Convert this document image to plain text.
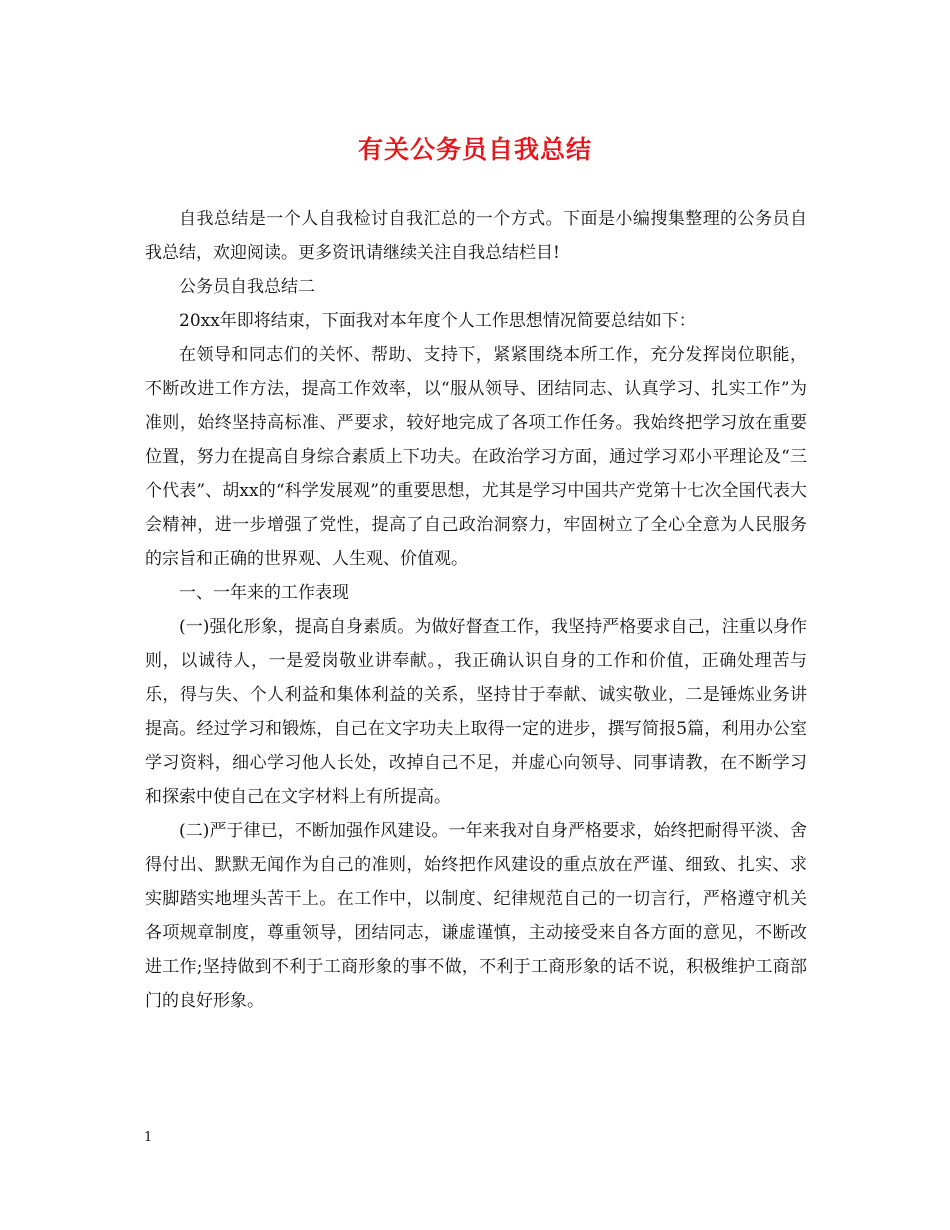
有关公务员自我总结

自我总结是一个人自我检讨自我汇总的一个方式。下面是小编搜集整理的公务员自我总结，欢迎阅读。更多资讯请继续关注自我总结栏目!

公务员自我总结二

20xx年即将结束，下面我对本年度个人工作思想情况简要总结如下：

在领导和同志们的关怀、帮助、支持下，紧紧围绕本所工作，充分发挥岗位职能，不断改进工作方法，提高工作效率，以“服从领导、团结同志、认真学习、扎实工作”为准则，始终坚持高标准、严要求，较好地完成了各项工作任务。我始终把学习放在重要位置，努力在提高自身综合素质上下功夫。在政治学习方面，通过学习邓小平理论及“三个代表”、胡xx的“科学发展观”的重要思想，尤其是学习中国共产党第十七次全国代表大会精神，进一步增强了党性，提高了自己政治洞察力，牢固树立了全心全意为人民服务的宗旨和正确的世界观、人生观、价值观。

一、一年来的工作表现

(一)强化形象，提高自身素质。为做好督查工作，我坚持严格要求自己，注重以身作则，以诚待人，一是爱岗敬业讲奉献。，我正确认识自身的工作和价值，正确处理苦与乐，得与失、个人利益和集体利益的关系，坚持甘于奉献、诚实敬业，二是锤炼业务讲提高。经过学习和锻炼，自己在文字功夫上取得一定的进步，撰写简报5篇，利用办公室学习资料，细心学习他人长处，改掉自己不足，并虚心向领导、同事请教，在不断学习和探索中使自己在文字材料上有所提高。

(二)严于律已，不断加强作风建设。一年来我对自身严格要求，始终把耐得平淡、舍得付出、默默无闻作为自己的准则，始终把作风建设的重点放在严谨、细致、扎实、求实脚踏实地埋头苦干上。在工作中，以制度、纪律规范自己的一切言行，严格遵守机关各项规章制度，尊重领导，团结同志，谦虚谨慎，主动接受来自各方面的意见，不断改进工作;坚持做到不利于工商形象的事不做，不利于工商形象的话不说，积极维护工商部门的良好形象。

1
